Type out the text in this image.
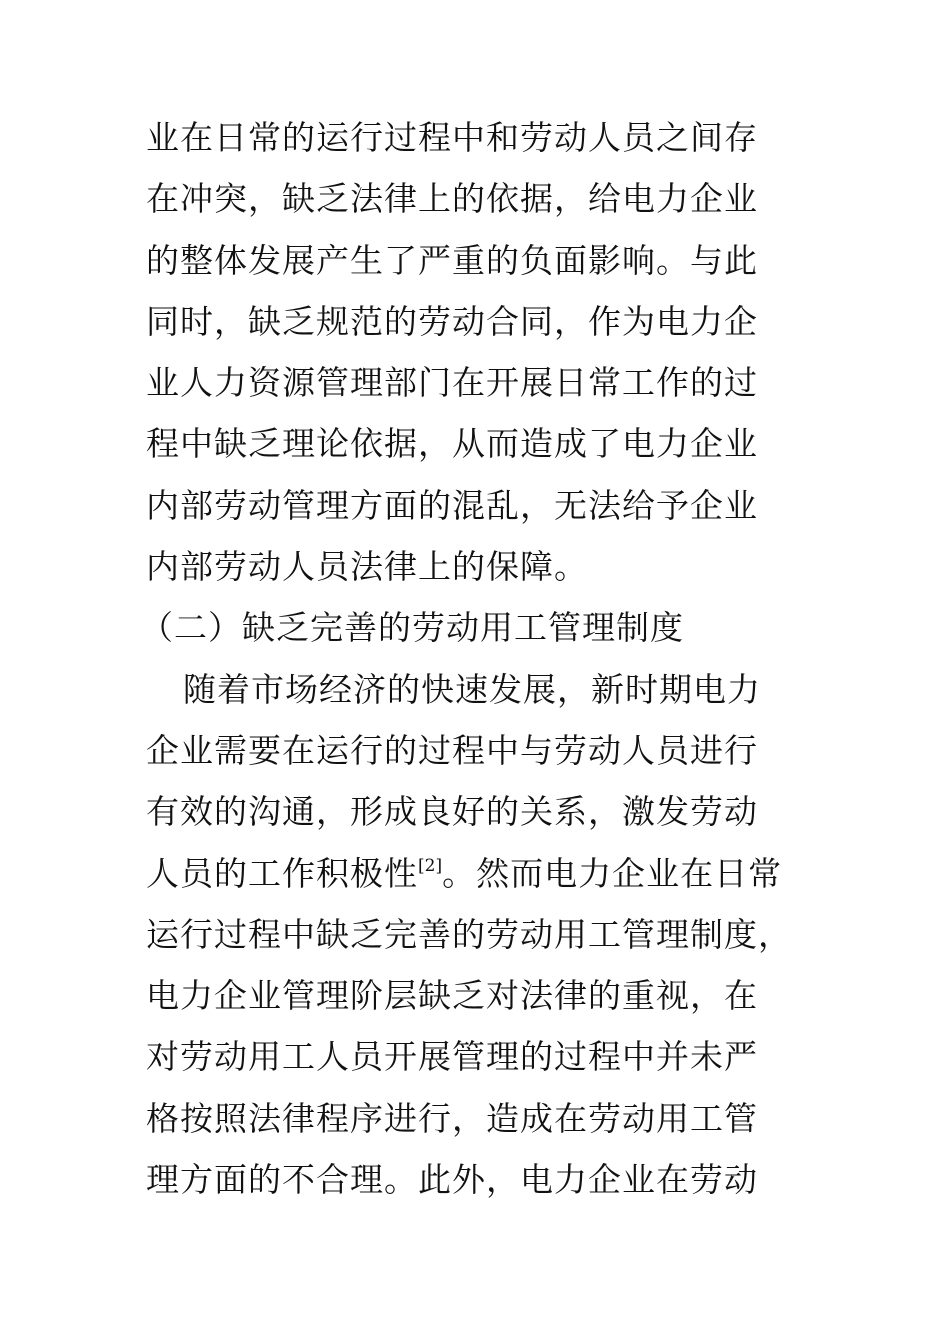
业在日常的运行过程中和劳动人员之间存
在冲突，缺乏法律上的依据，给电力企业
的整体发展产生了严重的负面影响。与此
同时，缺乏规范的劳动合同，作为电力企
业人力资源管理部门在开展日常工作的过
程中缺乏理论依据，从而造成了电力企业
内部劳动管理方面的混乱，无法给予企业
内部劳动人员法律上的保障。
（二）缺乏完善的劳动用工管理制度
随着市场经济的快速发展，新时期电力
企业需要在运行的过程中与劳动人员进行
有效的沟通，形成良好的关系，激发劳动
人员的工作积极性[2]。然而电力企业在日常
运行过程中缺乏完善的劳动用工管理制度，
电力企业管理阶层缺乏对法律的重视，在
对劳动用工人员开展管理的过程中并未严
格按照法律程序进行，造成在劳动用工管
理方面的不合理。此外，电力企业在劳动
